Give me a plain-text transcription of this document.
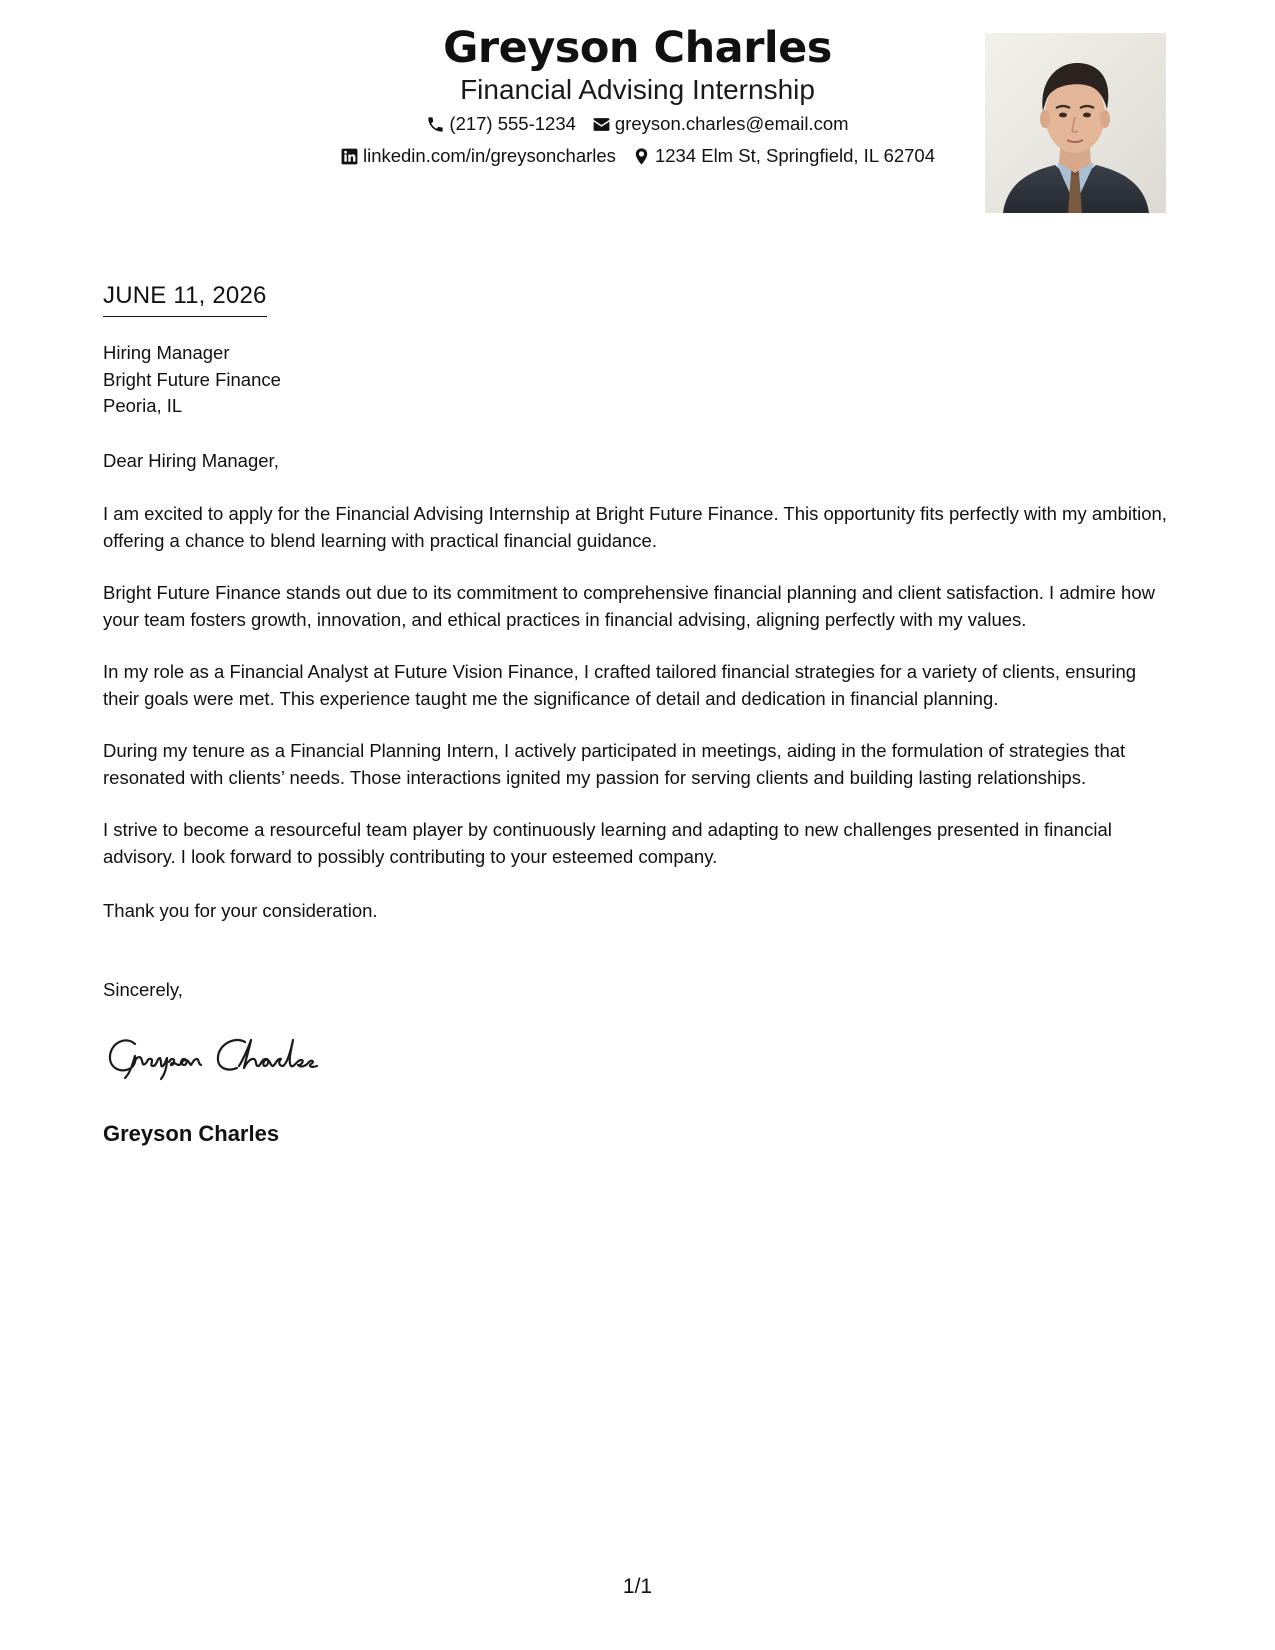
Greyson Charles
Financial Advising Internship
(217) 555-1234 greyson.charles@email.com
linkedin.com/in/greysoncharles 1234 Elm St, Springfield, IL 62704
JUNE 11, 2026
Hiring Manager
Bright Future Finance
Peoria, IL
Dear Hiring Manager,
I am excited to apply for the Financial Advising Internship at Bright Future Finance. This opportunity fits perfectly with my ambition, offering a chance to blend learning with practical financial guidance.
Bright Future Finance stands out due to its commitment to comprehensive financial planning and client satisfaction. I admire how your team fosters growth, innovation, and ethical practices in financial advising, aligning perfectly with my values.
In my role as a Financial Analyst at Future Vision Finance, I crafted tailored financial strategies for a variety of clients, ensuring their goals were met. This experience taught me the significance of detail and dedication in financial planning.
During my tenure as a Financial Planning Intern, I actively participated in meetings, aiding in the formulation of strategies that resonated with clients’ needs. Those interactions ignited my passion for serving clients and building lasting relationships.
I strive to become a resourceful team player by continuously learning and adapting to new challenges presented in financial advisory. I look forward to possibly contributing to your esteemed company.
Thank you for your consideration.
Sincerely,
Greyson Charles
1/1
